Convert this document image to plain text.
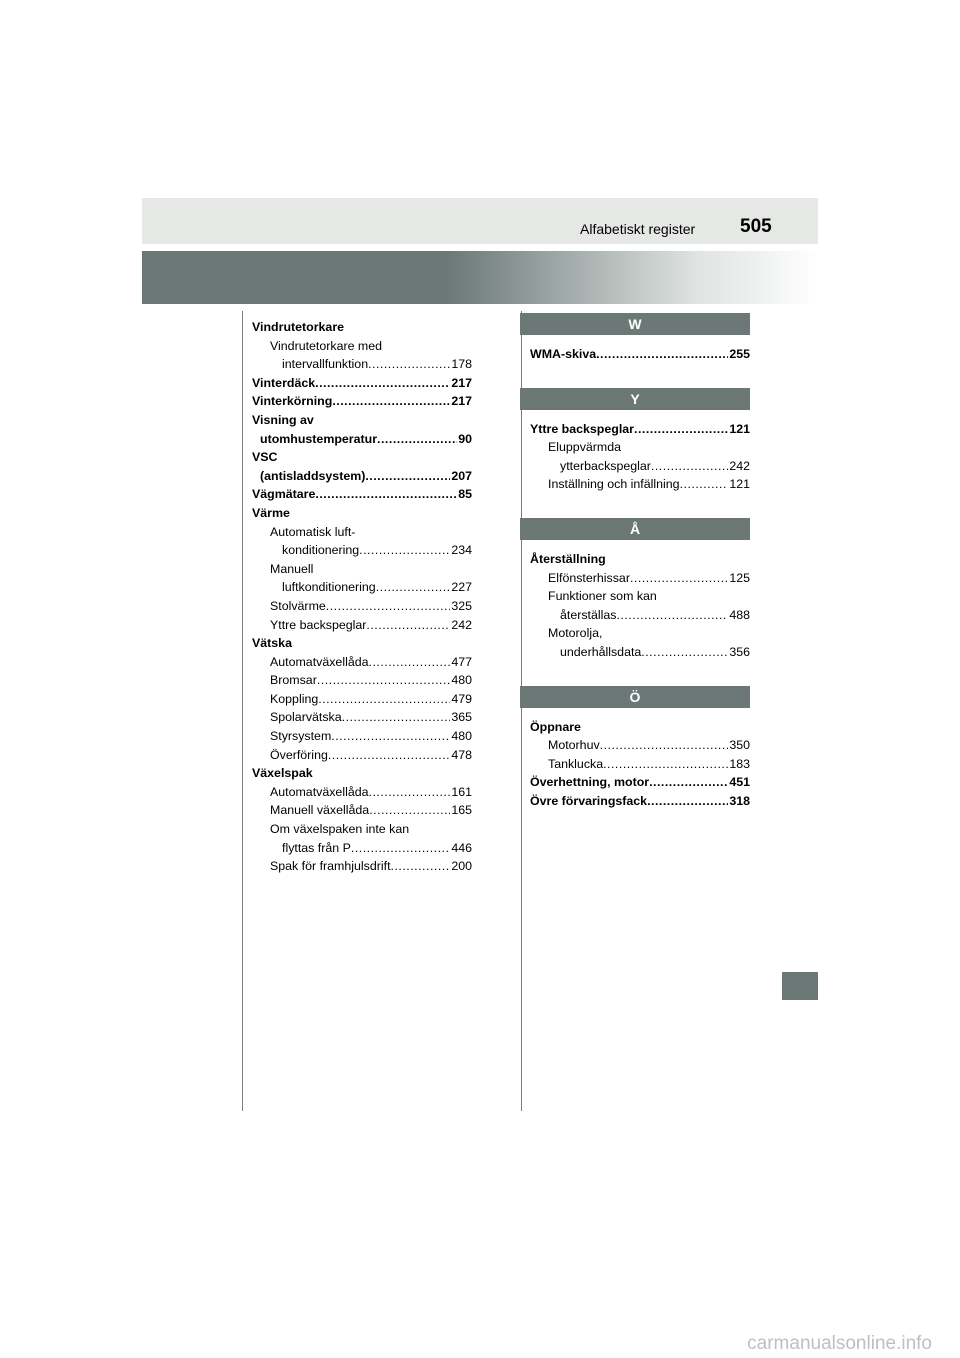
Alfabetiskt register 505
Vindrutetorkare
Vindrutetorkare med
intervallfunktion .....	178
Vinterdäck .....	217
Vinterkörning .....	217
Visning av
utomhustemperatur .....	90
VSC
(antisladdsystem) .....	207
Vägmätare .....	85
Värme
Automatisk luft-
konditionering .....	234
Manuell
luftkonditionering .....	227
Stolvärme .....	325
Yttre backspeglar .....	242
Vätska
Automatväxellåda .....	477
Bromsar .....	480
Koppling .....	479
Spolarvätska .....	365
Styrsystem .....	480
Överföring .....	478
Växelspak
Automatväxellåda .....	161
Manuell växellåda .....	165
Om växelspaken inte kan
flyttas från P .....	446
Spak för framhjulsdrift .....	200
W
WMA-skiva .....	255
Y
Yttre backspeglar .....	121
Eluppvärmda
ytterbackspeglar .....	242
Inställning och infällning .....	121
Å
Återställning
Elfönsterhissar .....	125
Funktioner som kan
återställas .....	488
Motorolja,
underhållsdata .....	356
Ö
Öppnare
Motorhuv .....	350
Tanklucka .....	183
Överhettning, motor .....	451
Övre förvaringsfack .....	318
carmanualsonline.info
